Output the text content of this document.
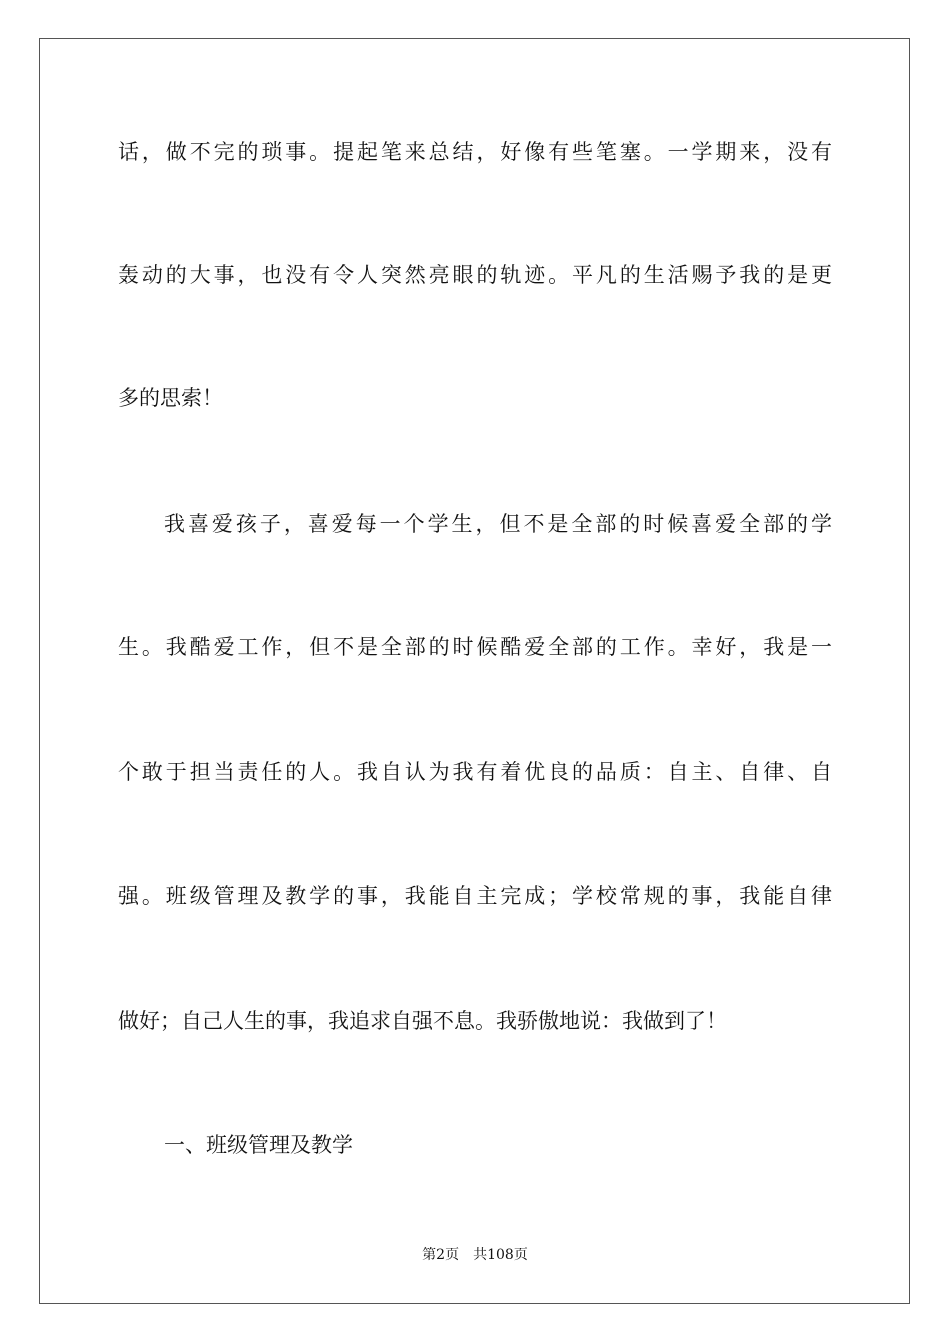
话，做不完的琐事。提起笔来总结，好像有些笔塞。一学期来，没有
轰动的大事，也没有令人突然亮眼的轨迹。平凡的生活赐予我的是更
多的思索！
我喜爱孩子，喜爱每一个学生，但不是全部的时候喜爱全部的学
生。我酷爱工作，但不是全部的时候酷爱全部的工作。幸好，我是一
个敢于担当责任的人。我自认为我有着优良的品质：自主、自律、自
强。班级管理及教学的事，我能自主完成；学校常规的事，我能自律
做好；自己人生的事，我追求自强不息。我骄傲地说：我做到了！
一、班级管理及教学
第2页 共108页
